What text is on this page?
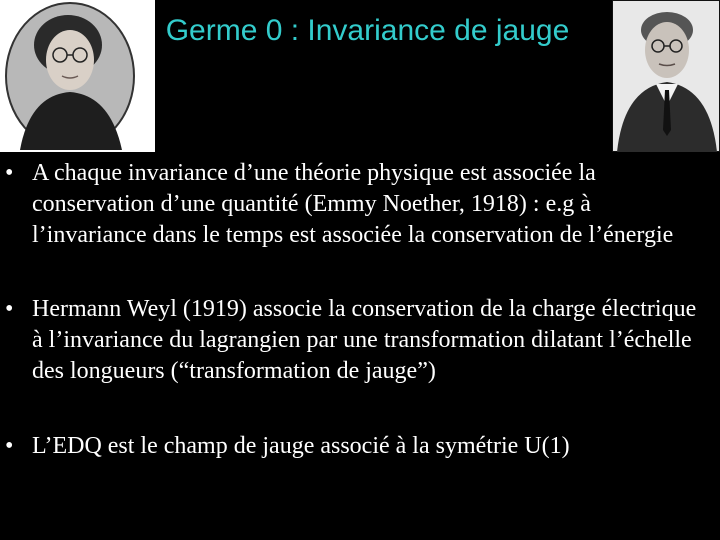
Germe 0 : Invariance de jauge
• A chaque invariance d’une théorie physique est associée la conservation d’une quantité (Emmy Noether, 1918) : e.g à l’invariance dans le temps est associée la conservation de l’énergie
• Hermann Weyl (1919) associe la conservation de la charge électrique à l’invariance du lagrangien par une transformation dilatant l’échelle des longueurs (“transformation de jauge”)
• L’EDQ est le champ de jauge associé à la symétrie U(1)
